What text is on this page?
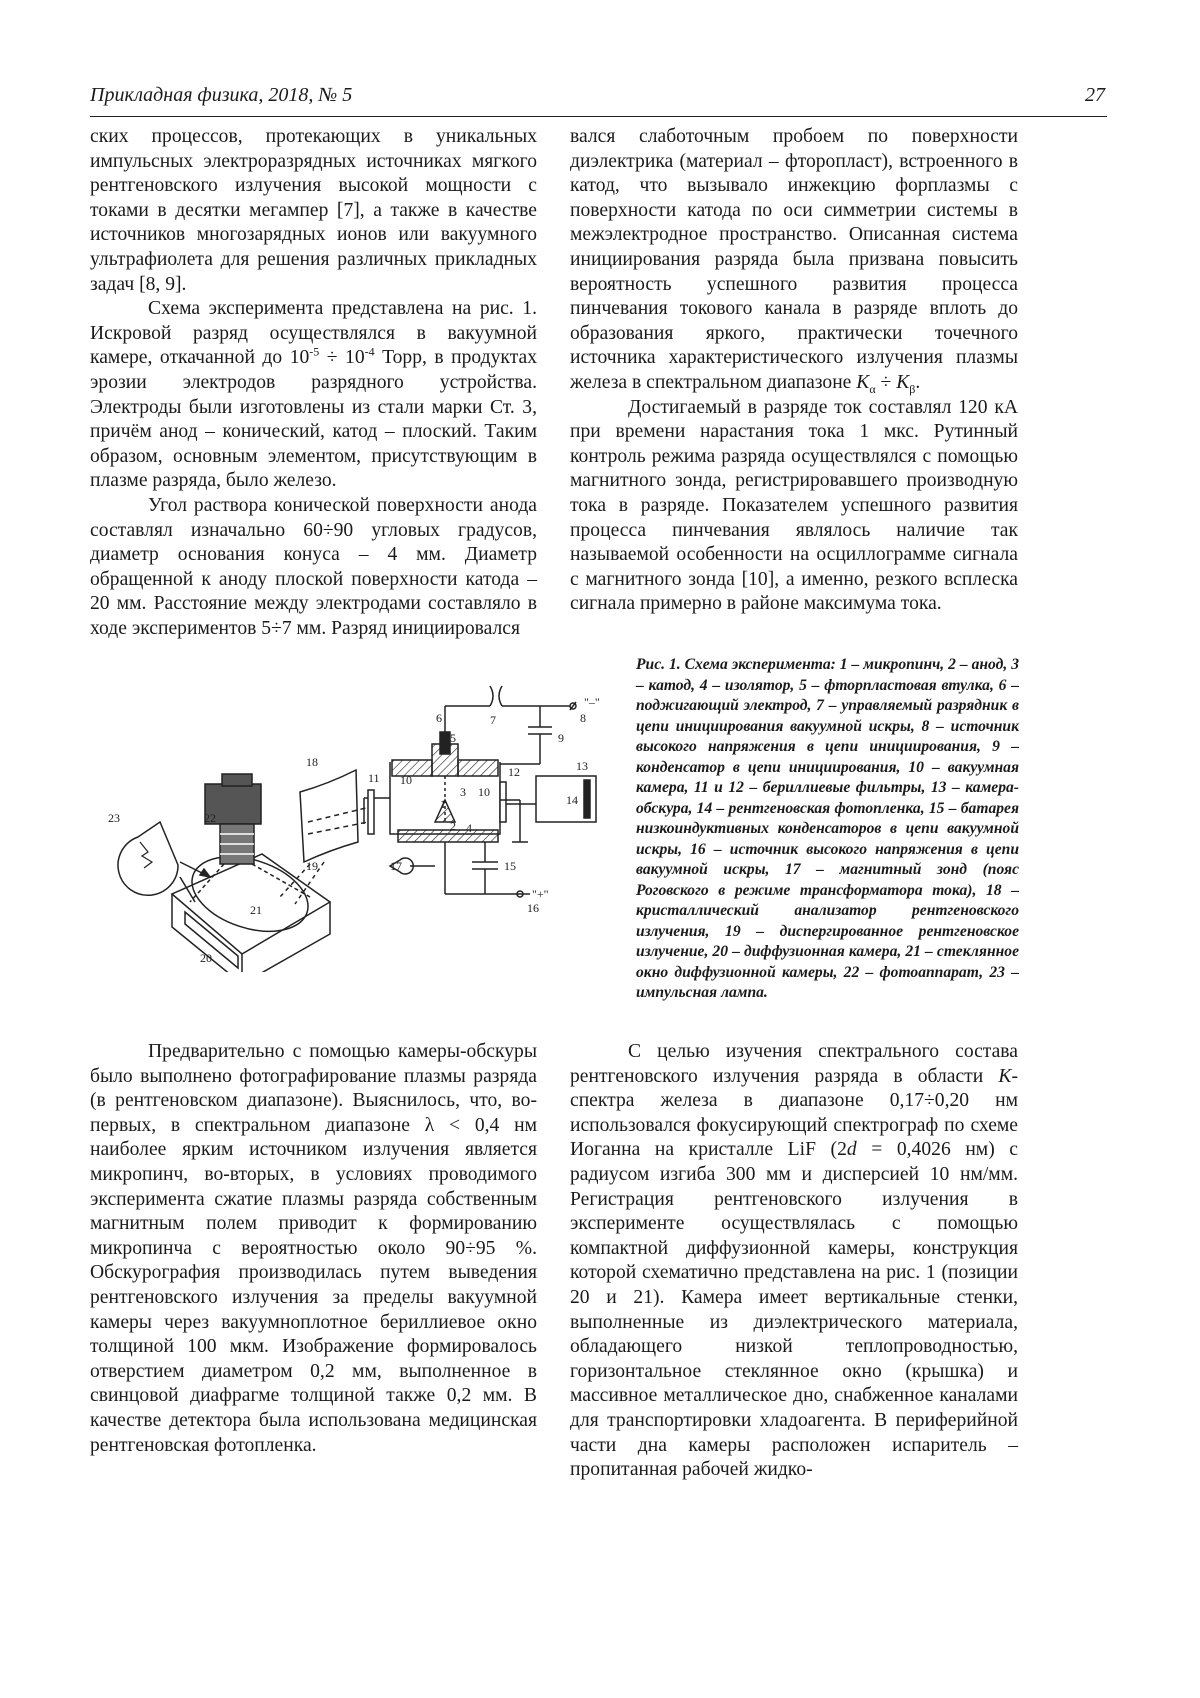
Прикладная физика, 2018, № 5	27

ских процессов, протекающих в уникальных импульсных электроразрядных источниках мягкого рентгеновского излучения высокой мощности с токами в десятки мегампер [7], а также в качестве источников многозарядных ионов или вакуумного ультрафиолета для решения различных прикладных задач [8, 9].

Схема эксперимента представлена на рис. 1. Искровой разряд осуществлялся в вакуумной камере, откачанной до $10^{-5} \div 10^{-4}$ Торр, в продуктах эрозии электродов разрядного устройства. Электроды были изготовлены из стали марки Ст. 3, причём анод – конический, катод – плоский. Таким образом, основным элементом, присутствующим в плазме разряда, было железо.

Угол раствора конической поверхности анода составлял изначально 60÷90 угловых градусов, диаметр основания конуса – 4 мм. Диаметр обращенной к аноду плоской поверхности катода – 20 мм. Расстояние между электродами составляло в ходе экспериментов 5÷7 мм. Разряд инициировался

вался слаботочным пробоем по поверхности диэлектрика (материал – фторопласт), встроенного в катод, что вызывало инжекцию форплазмы с поверхности катода по оси симметрии системы в межэлектродное пространство. Описанная система инициирования разряда была призвана повысить вероятность успешного развития процесса пинчевания токового канала в разряде вплоть до образования яркого, практически точечного источника характеристического излучения плазмы железа в спектральном диапазоне $K_\alpha \div K_\beta$.

Достигаемый в разряде ток составлял 120 кА при времени нарастания тока 1 мкс. Рутинный контроль режима разряда осуществлялся с помощью магнитного зонда, регистрировавшего производную тока в разряде. Показателем успешного развития процесса пинчевания являлось наличие так называемой особенности на осциллограмме сигнала с магнитного зонда [10], а именно, резкого всплеска сигнала примерно в районе максимума тока.

Рис. 1. Схема эксперимента: 1 – микропинч, 2 – анод, 3 – катод, 4 – изолятор, 5 – фторпластовая втулка, 6 – поджигающий электрод, 7 – управляемый разрядник в цепи инициирования вакуумной искры, 8 – источник высокого напряжения в цепи инициирования, 9 – конденсатор в цепи инициирования, 10 – вакуумная камера, 11 и 12 – бериллиевые фильтры, 13 – камера-обскура, 14 – рентгеновская фотопленка, 15 – батарея низкоиндуктивных конденсаторов в цепи вакуумной искры, 16 – источник высокого напряжения в цепи вакуумной искры, 17 – магнитный зонд (пояс Роговского в режиме трансформатора тока), 18 – кристаллический анализатор рентгеновского излучения, 19 – диспергированное рентгеновское излучение, 20 – диффузионная камера, 21 – стеклянное окно диффузионной камеры, 22 – фотоаппарат, 23 – импульсная лампа.
1
2
3
4
5
6	7	8
9
10
10
11	12	13
14
15
16
17
18
19
20
21
22
23
"–"
"+"

Предварительно с помощью камеры-обскуры было выполнено фотографирование плазмы разряда (в рентгеновском диапазоне). Выяснилось, что, во-первых, в спектральном диапазоне λ < 0,4 нм наиболее ярким источником излучения является микропинч, во-вторых, в условиях проводимого эксперимента сжатие плазмы разряда собственным магнитным полем приводит к формированию микропинча с вероятностью около 90÷95 %. Обскурография производилась путем выведения рентгеновского излучения за пределы вакуумной камеры через вакуумноплотное бериллиевое окно толщиной 100 мкм. Изображение формировалось отверстием диаметром 0,2 мм, выполненное в свинцовой диафрагме толщиной также 0,2 мм. В качестве детектора была использована медицинская рентгеновская фотопленка.

С целью изучения спектрального состава рентгеновского излучения разряда в области K-спектра железа в диапазоне 0,17÷0,20 нм использовался фокусирующий спектрограф по схеме Иоганна на кристалле LiF (2d = 0,4026 нм) с радиусом изгиба 300 мм и дисперсией 10 нм/мм. Регистрация рентгеновского излучения в эксперименте осуществлялась с помощью компактной диффузионной камеры, конструкция которой схематично представлена на рис. 1 (позиции 20 и 21). Камера имеет вертикальные стенки, выполненные из диэлектрического материала, обладающего низкой теплопроводностью, горизонтальное стеклянное окно (крышка) и массивное металлическое дно, снабженное каналами для транспортировки хладоагента. В периферийной части дна камеры расположен испаритель – пропитанная рабочей жидко-
